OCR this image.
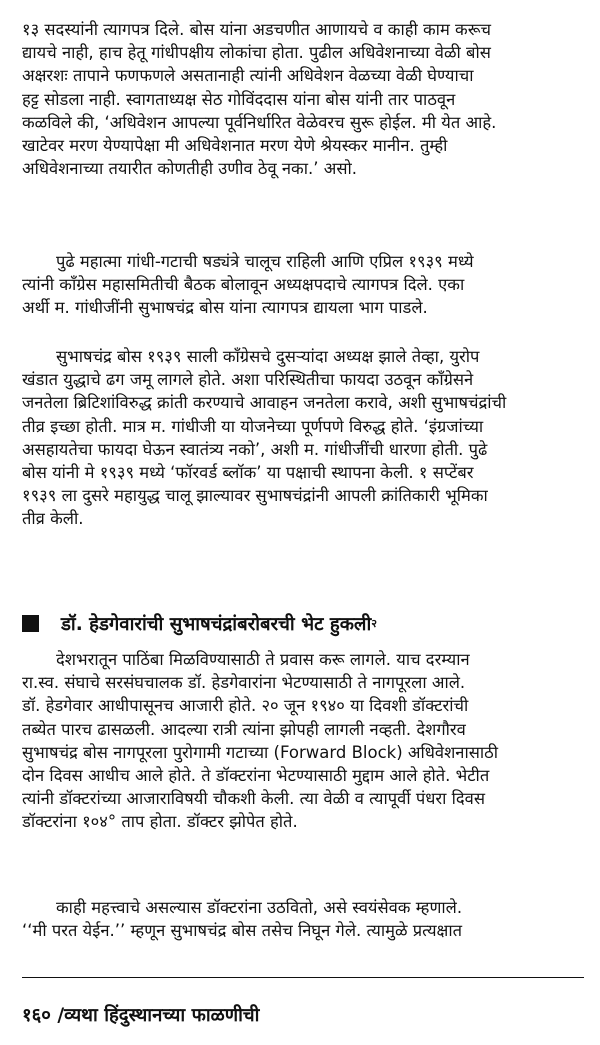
१३ सदस्यांनी त्यागपत्र दिले. बोस यांना अडचणीत आणायचे व काही काम करूच
द्यायचे नाही, हाच हेतू गांधीपक्षीय लोकांचा होता. पुढील अधिवेशनाच्या वेळी बोस
अक्षरशः तापाने फणफणले असतानाही त्यांनी अधिवेशन वेळच्या वेळी घेण्याचा
हट्ट सोडला नाही. स्वागताध्यक्ष सेठ गोविंददास यांना बोस यांनी तार पाठवून
कळविले की, ‘अधिवेशन आपल्या पूर्वनिर्धारित वेळेवरच सुरू होईल. मी येत आहे.
खाटेवर मरण येण्यापेक्षा मी अधिवेशनात मरण येणे श्रेयस्कर मानीन. तुम्ही
अधिवेशनाच्या तयारीत कोणतीही उणीव ठेवू नका.’ असो.

पुढे महात्मा गांधी-गटाची षड्यंत्रे चालूच राहिली आणि एप्रिल १९३९ मध्ये
त्यांनी काँग्रेस महासमितीची बैठक बोलावून अध्यक्षपदाचे त्यागपत्र दिले. एका
अर्थी म. गांधीजींनी सुभाषचंद्र बोस यांना त्यागपत्र द्यायला भाग पाडले.

सुभाषचंद्र बोस १९३९ साली काँग्रेसचे दुसऱ्यांदा अध्यक्ष झाले तेव्हा, युरोप
खंडात युद्धाचे ढग जमू लागले होते. अशा परिस्थितीचा फायदा उठवून काँग्रेसने
जनतेला ब्रिटिशांविरुद्ध क्रांती करण्याचे आवाहन जनतेला करावे, अशी सुभाषचंद्रांची
तीव्र इच्छा होती. मात्र म. गांधीजी या योजनेच्या पूर्णपणे विरुद्ध होते. ‘इंग्रजांच्या
असहायतेचा फायदा घेऊन स्वातंत्र्य नको’, अशी म. गांधीजींची धारणा होती. पुढे
बोस यांनी मे १९३९ मध्ये ‘फॉरवर्ड ब्लॉक’ या पक्षाची स्थापना केली. १ सप्टेंबर
१९३९ ला दुसरे महायुद्ध चालू झाल्यावर सुभाषचंद्रांनी आपली क्रांतिकारी भूमिका
तीव्र केली.

डॉ. हेडगेवारांची सुभाषचंद्रांबरोबरची भेट हुकली २

देशभरातून पाठिंबा मिळविण्यासाठी ते प्रवास करू लागले. याच दरम्यान
रा.स्व. संघाचे सरसंघचालक डॉ. हेडगेवारांना भेटण्यासाठी ते नागपूरला आले.
डॉ. हेडगेवार आधीपासूनच आजारी होते. २० जून १९४० या दिवशी डॉक्टरांची
तब्येत पारच ढासळली. आदल्या रात्री त्यांना झोपही लागली नव्हती. देशगौरव
सुभाषचंद्र बोस नागपूरला पुरोगामी गटाच्या (Forward Block) अधिवेशनासाठी
दोन दिवस आधीच आले होते. ते डॉक्टरांना भेटण्यासाठी मुद्दाम आले होते. भेटीत
त्यांनी डॉक्टरांच्या आजाराविषयी चौकशी केली. त्या वेळी व त्यापूर्वी पंधरा दिवस
डॉक्टरांना १०४° ताप होता. डॉक्टर झोपेत होते.

काही महत्त्वाचे असल्यास डॉक्टरांना उठवितो, असे स्वयंसेवक म्हणाले.
‘‘मी परत येईन.’’ म्हणून सुभाषचंद्र बोस तसेच निघून गेले. त्यामुळे प्रत्यक्षात

१६० /व्यथा हिंदुस्थानच्या फाळणीची
